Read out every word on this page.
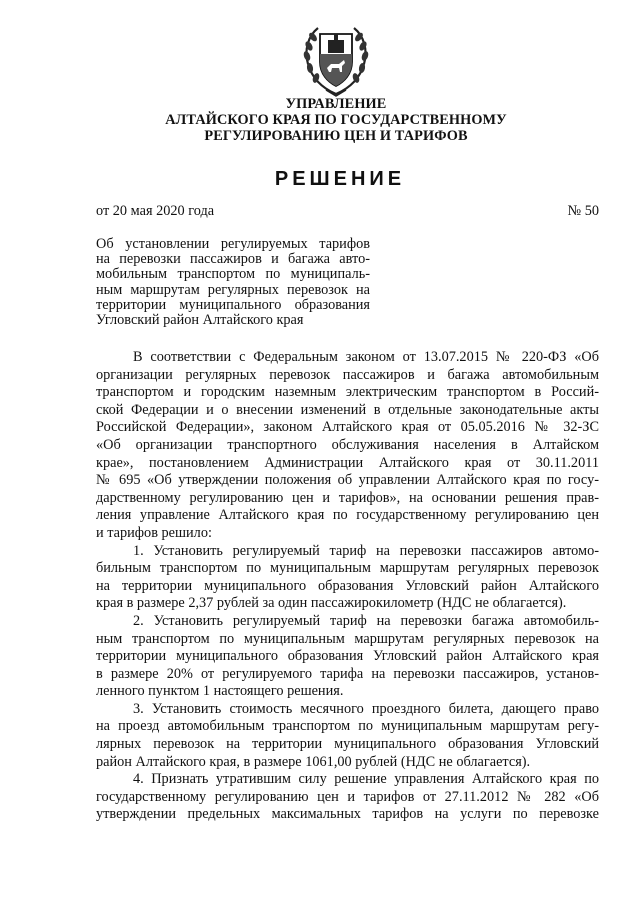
УПРАВЛЕНИЕ
АЛТАЙСКОГО КРАЯ ПО ГОСУДАРСТВЕННОМУ
РЕГУЛИРОВАНИЮ ЦЕН И ТАРИФОВ
РЕШЕНИЕ
от 20 мая 2020 года	№ 50
Об установлении регулируемых тарифов
на перевозки пассажиров и багажа авто-
мобильным транспортом по муниципаль-
ным маршрутам регулярных перевозок на
территории муниципального образования
Угловский район Алтайского края
В соответствии с Федеральным законом от 13.07.2015 № 220-ФЗ «Об
организации регулярных перевозок пассажиров и багажа автомобильным
транспортом и городским наземным электрическим транспортом в Россий-
ской Федерации и о внесении изменений в отдельные законодательные акты
Российской Федерации», законом Алтайского края от 05.05.2016 № 32-ЗС
«Об организации транспортного обслуживания населения в Алтайском
крае», постановлением Администрации Алтайского края от 30.11.2011
№ 695 «Об утверждении положения об управлении Алтайского края по госу-
дарственному регулированию цен и тарифов», на основании решения прав-
ления управление Алтайского края по государственному регулированию цен
и тарифов решило:
1. Установить регулируемый тариф на перевозки пассажиров автомо-
бильным транспортом по муниципальным маршрутам регулярных перевозок
на территории муниципального образования Угловский район Алтайского
края в размере 2,37 рублей за один пассажирокилометр (НДС не облагается).
2. Установить регулируемый тариф на перевозки багажа автомобиль-
ным транспортом по муниципальным маршрутам регулярных перевозок на
территории муниципального образования Угловский район Алтайского края
в размере 20% от регулируемого тарифа на перевозки пассажиров, установ-
ленного пунктом 1 настоящего решения.
3. Установить стоимость месячного проездного билета, дающего право
на проезд автомобильным транспортом по муниципальным маршрутам регу-
лярных перевозок на территории муниципального образования Угловский
район Алтайского края, в размере 1061,00 рублей (НДС не облагается).
4. Признать утратившим силу решение управления Алтайского края по
государственному регулированию цен и тарифов от 27.11.2012 № 282 «Об
утверждении предельных максимальных тарифов на услуги по перевозке
